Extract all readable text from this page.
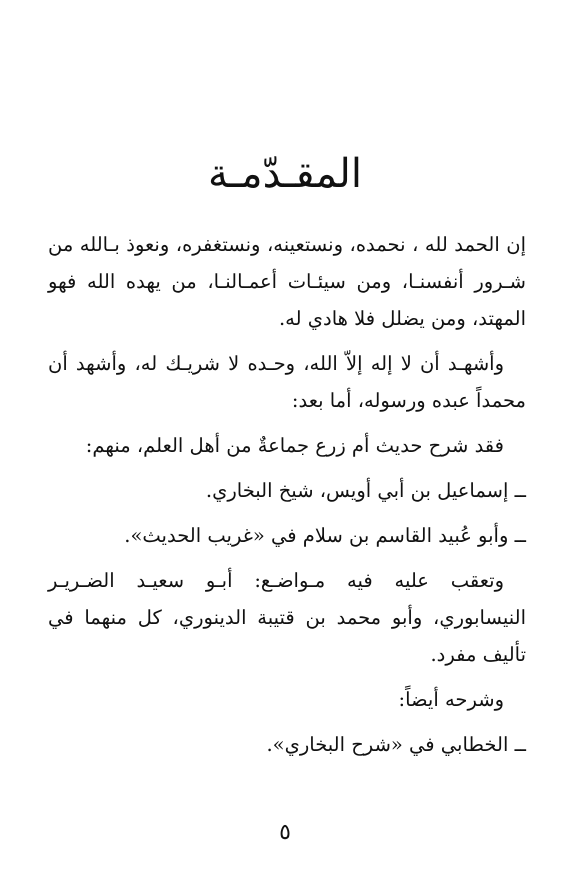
المقـدّمـة

إن الحمد لله ، نحمده، ونستعينه، ونستغفره، ونعوذ بـالله من شـرور أنفسنـا، ومن سيئـات أعمـالنـا، من يهده الله فهو المهتد، ومن يضلل فلا هادي له.

وأشهـد أن لا إله إلاّ الله، وحـده لا شريـك له، وأشهد أن محمداً عبده ورسوله، أما بعد:

فقد شرح حديث أم زرع جماعةٌ من أهل العلم، منهم:

ــ إسماعيل بن أبي أويس، شيخ البخاري.

ــ وأبو عُبيد القاسم بن سلام في «غريب الحديث».

وتعقب عليه فيه مـواضـع: أبـو سعيـد الضـريـر النيسابوري، وأبو محمد بن قتيبة الدينوري، كل منهما في تأليف مفرد.

وشرحه أيضاً:

ــ الخطابي في «شرح البخاري».

٥
